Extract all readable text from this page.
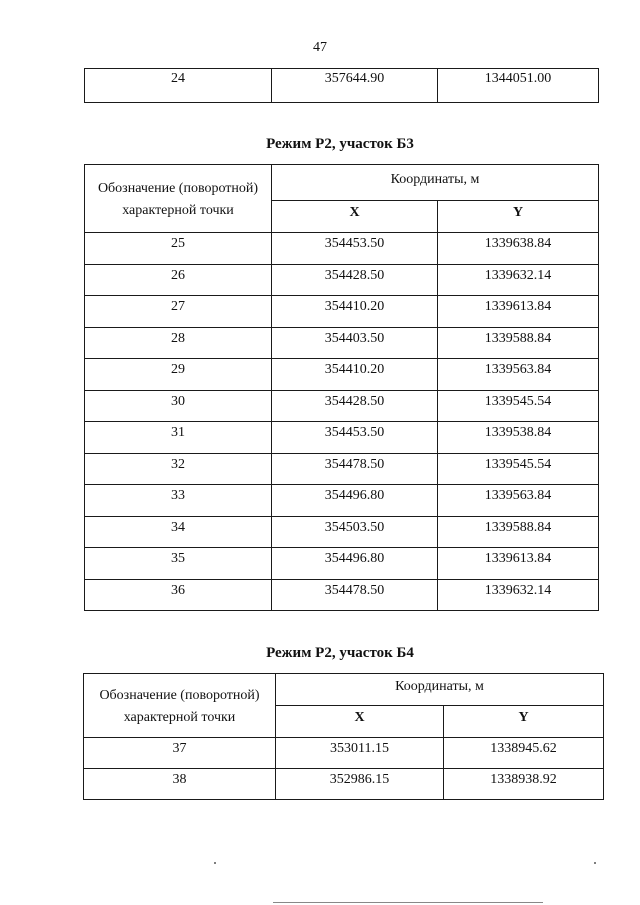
47
24	357644.90	1344051.00
Режим Р2, участок Б3
Обозначение (поворотной) характерной точки	Координаты, м	
	X	Y
25	354453.50	1339638.84
26	354428.50	1339632.14
27	354410.20	1339613.84
28	354403.50	1339588.84
29	354410.20	1339563.84
30	354428.50	1339545.54
31	354453.50	1339538.84
32	354478.50	1339545.54
33	354496.80	1339563.84
34	354503.50	1339588.84
35	354496.80	1339613.84
36	354478.50	1339632.14
Режим Р2, участок Б4
Обозначение (поворотной) характерной точки	Координаты, м	
	X	Y
37	353011.15	1338945.62
38	352986.15	1338938.92
